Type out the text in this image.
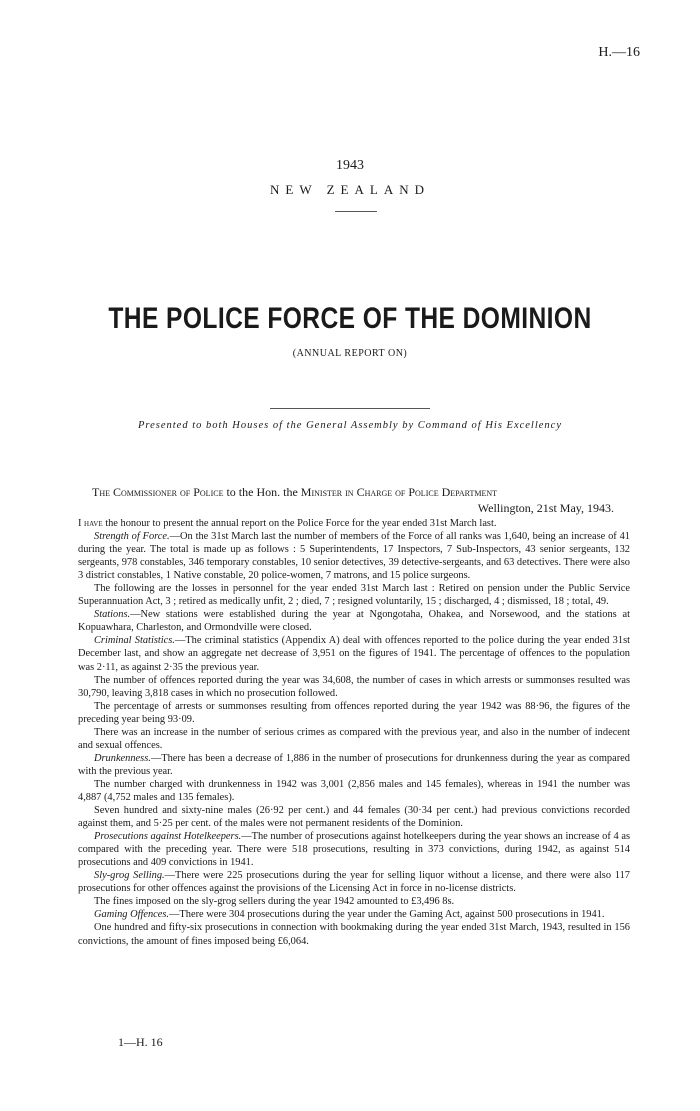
H.—16
1943
NEW ZEALAND
THE POLICE FORCE OF THE DOMINION
(ANNUAL REPORT ON)
Presented to both Houses of the General Assembly by Command of His Excellency
The Commissioner of Police to the Hon. the Minister in Charge of Police Department
Wellington, 21st May, 1943.

I have the honour to present the annual report on the Police Force for the year ended 31st March last.

Strength of Force.—On the 31st March last the number of members of the Force of all ranks was 1,640, being an increase of 41 during the year. The total is made up as follows : 5 Superintendents, 17 Inspectors, 7 Sub-Inspectors, 43 senior sergeants, 132 sergeants, 978 constables, 346 temporary constables, 10 senior detectives, 39 detective-sergeants, and 63 detectives. There were also 3 district constables, 1 Native constable, 20 police-women, 7 matrons, and 15 police surgeons.

The following are the losses in personnel for the year ended 31st March last : Retired on pension under the Public Service Superannuation Act, 3 ; retired as medically unfit, 2 ; died, 7 ; resigned voluntarily, 15 ; discharged, 4 ; dismissed, 18 ; total, 49.

Stations.—New stations were established during the year at Ngongotaha, Ohakea, and Norsewood, and the stations at Kopuawhara, Charleston, and Ormondville were closed.

Criminal Statistics.—The criminal statistics (Appendix A) deal with offences reported to the police during the year ended 31st December last, and show an aggregate net decrease of 3,951 on the figures of 1941. The percentage of offences to the population was 2·11, as against 2·35 the previous year.

The number of offences reported during the year was 34,608, the number of cases in which arrests or summonses resulted was 30,790, leaving 3,818 cases in which no prosecution followed.

The percentage of arrests or summonses resulting from offences reported during the year 1942 was 88·96, the figures of the preceding year being 93·09.

There was an increase in the number of serious crimes as compared with the previous year, and also in the number of indecent and sexual offences.

Drunkenness.—There has been a decrease of 1,886 in the number of prosecutions for drunkenness during the year as compared with the previous year.

The number charged with drunkenness in 1942 was 3,001 (2,856 males and 145 females), whereas in 1941 the number was 4,887 (4,752 males and 135 females).

Seven hundred and sixty-nine males (26·92 per cent.) and 44 females (30·34 per cent.) had previous convictions recorded against them, and 5·25 per cent. of the males were not permanent residents of the Dominion.

Prosecutions against Hotelkeepers.—The number of prosecutions against hotelkeepers during the year shows an increase of 4 as compared with the preceding year. There were 518 prosecutions, resulting in 373 convictions, during 1942, as against 514 prosecutions and 409 convictions in 1941.

Sly-grog Selling.—There were 225 prosecutions during the year for selling liquor without a license, and there were also 117 prosecutions for other offences against the provisions of the Licensing Act in force in no-license districts.

The fines imposed on the sly-grog sellers during the year 1942 amounted to £3,496 8s.

Gaming Offences.—There were 304 prosecutions during the year under the Gaming Act, against 500 prosecutions in 1941.

One hundred and fifty-six prosecutions in connection with bookmaking during the year ended 31st March, 1943, resulted in 156 convictions, the amount of fines imposed being £6,064.

1—H. 16
